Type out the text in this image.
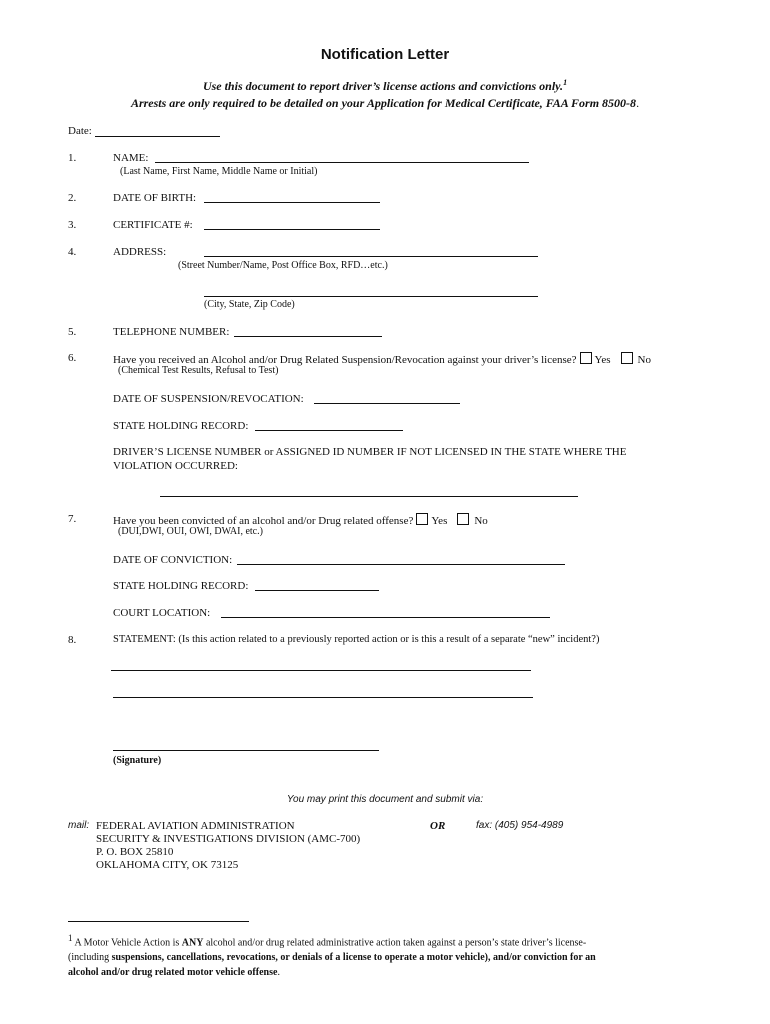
Notification Letter
Use this document to report driver’s license actions and convictions only.$^1$
Arrests are only required to be detailed on your Application for Medical Certificate, FAA Form 8500-8.
Date:
1.	NAME:
(Last Name, First Name, Middle Name or Initial)
2.	DATE OF BIRTH:
3.	CERTIFICATE #:
4.	ADDRESS:
(Street Number/Name, Post Office Box, RFD…etc.)
(City, State, Zip Code)
5.	TELEPHONE NUMBER:
6.	Have you received an Alcohol and/or Drug Related Suspension/Revocation against your driver’s license? Yes No
(Chemical Test Results, Refusal to Test)
DATE OF SUSPENSION/REVOCATION:
STATE HOLDING RECORD:
DRIVER’S LICENSE NUMBER or ASSIGNED ID NUMBER IF NOT LICENSED IN THE STATE WHERE THE
VIOLATION OCCURRED:
7.	Have you been convicted of an alcohol and/or Drug related offense? Yes No
(DUI,DWI, OUI, OWI, DWAI, etc.)
DATE OF CONVICTION:
STATE HOLDING RECORD:
COURT LOCATION:
8.	STATEMENT: (Is this action related to a previously reported action or is this a result of a separate “new” incident?)
(Signature)
You may print this document and submit via:
mail: FEDERAL AVIATION ADMINISTRATION
SECURITY & INVESTIGATIONS DIVISION (AMC-700)
P. O. BOX 25810
OKLAHOMA CITY, OK 73125
OR	fax: (405) 954-4989
$^1$ A Motor Vehicle Action is ANY alcohol and/or drug related administrative action taken against a person’s state driver’s license-
(including suspensions, cancellations, revocations, or denials of a license to operate a motor vehicle), and/or conviction for an
alcohol and/or drug related motor vehicle offense.
